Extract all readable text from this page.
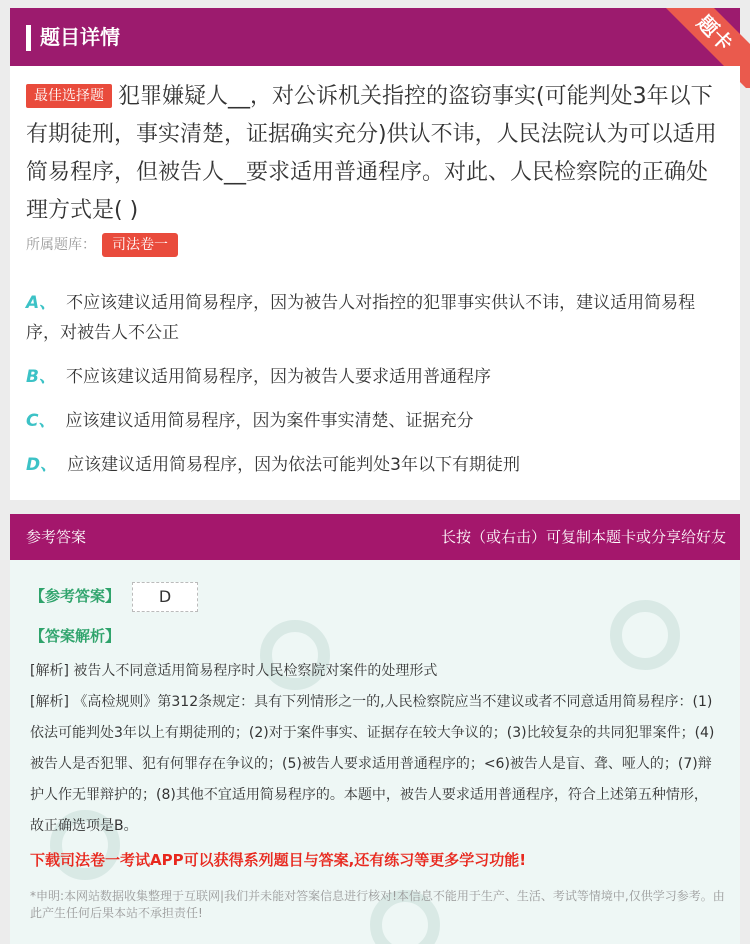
题目详情	题卡
最佳选择题 犯罪嫌疑人__，对公诉机关指控的盗窃事实(可能判处3年以下有期徒刑，事实清楚，证据确实充分)供认不讳，人民法院认为可以适用简易程序，但被告人__要求适用普通程序。对此、人民检察院的正确处理方式是( )
所属题库： 司法卷一
A、 不应该建议适用简易程序，因为被告人对指控的犯罪事实供认不讳，建议适用简易程序，对被告人不公正
B、 不应该建议适用简易程序，因为被告人要求适用普通程序
C、 应该建议适用简易程序，因为案件事实清楚、证据充分
D、 应该建议适用简易程序，因为依法可能判处3年以下有期徒刑
参考答案	长按（或右击）可复制本题卡或分享给好友
【参考答案】	D
【答案解析】
[解析] 被告人不同意适用简易程序时人民检察院对案件的处理形式
[解析] 《高检规则》第312条规定：具有下列情形之一的,人民检察院应当不建议或者不同意适用简易程序：(1)依法可能判处3年以上有期徒刑的；(2)对于案件事实、证据存在较大争议的；(3)比较复杂的共同犯罪案件；(4)被告人是否犯罪、犯有何罪存在争议的；(5)被告人要求适用普通程序的；<6)被告人是盲、聋、哑人的；(7)辩护人作无罪辩护的；(8)其他不宜适用简易程序的。本题中，被告人要求适用普通程序，符合上述第五种情形，故正确选项是B。
下载司法卷一考试APP可以获得系列题目与答案,还有练习等更多学习功能!
*申明:本网站数据收集整理于互联网|我们并未能对答案信息进行核对!本信息不能用于生产、生活、考试等情境中,仅供学习参考。由此产生任何后果本站不承担责任!
